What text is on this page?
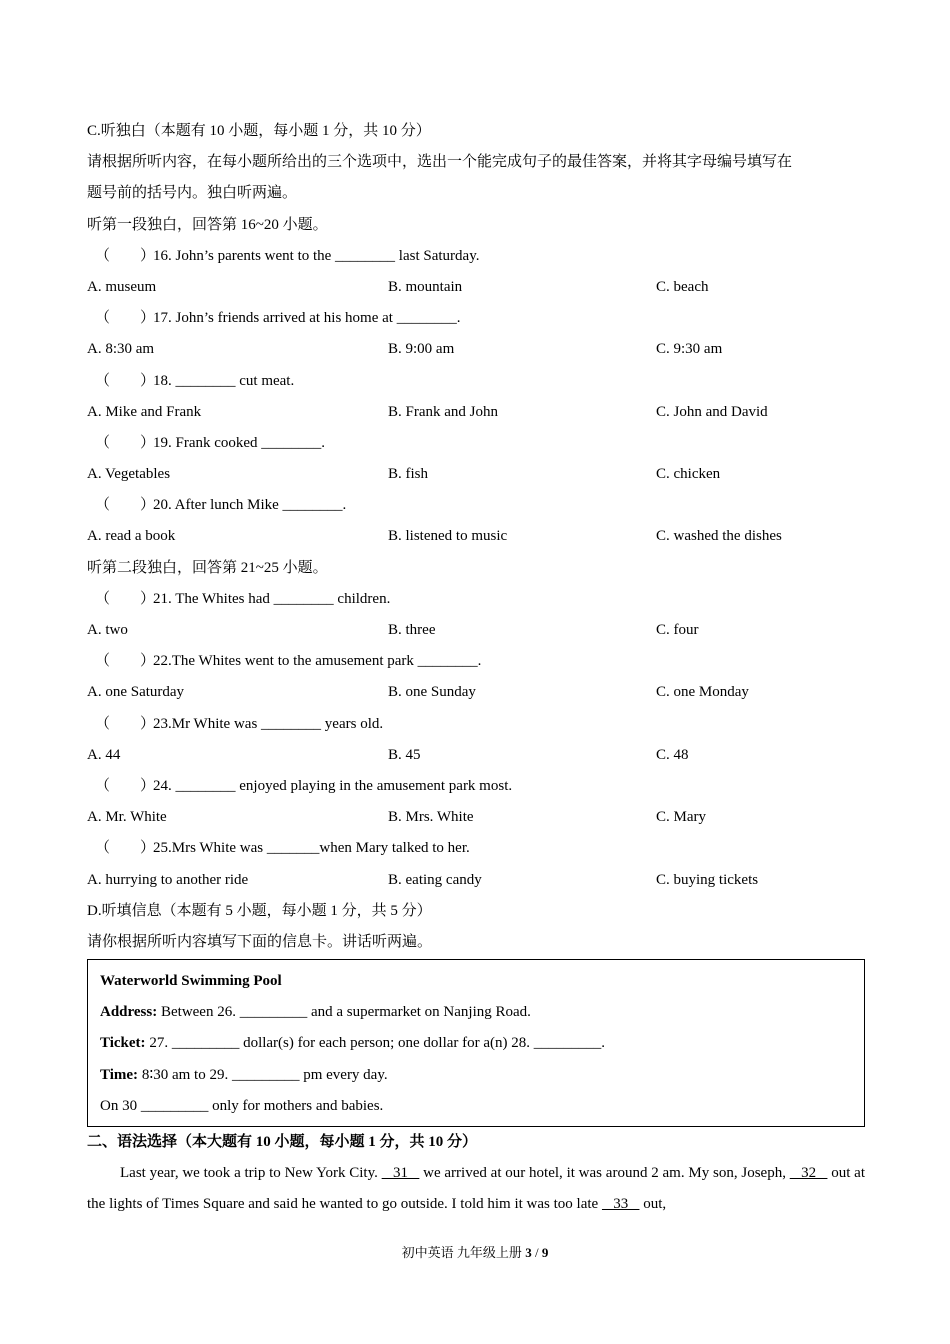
C.听独白（本题有 10 小题，每小题 1 分，共 10 分）
请根据所听内容，在每小题所给出的三个选项中，选出一个能完成句子的最佳答案，并将其字母编号填写在
题号前的括号内。独白听两遍。
听第一段独白，回答第 16~20 小题。
（　　）16. John’s parents went to the ________ last Saturday.
A. museum	B. mountain	C. beach
（　　）17. John’s friends arrived at his home at ________.
A. 8:30 am	B. 9:00 am	C. 9:30 am
（　　）18. ________ cut meat.
A. Mike and Frank	B. Frank and John	C. John and David
（　　）19. Frank cooked ________.
A. Vegetables	B. fish	C. chicken
（　　）20. After lunch Mike ________.
A. read a book	B. listened to music	C. washed the dishes
听第二段独白，回答第 21~25 小题。
（　　）21. The Whites had ________ children.
A. two	B. three	C. four
（　　）22.The Whites went to the amusement park ________.
A. one Saturday	B. one Sunday	C. one Monday
（　　）23.Mr White was ________ years old.
A. 44	B. 45	C. 48
（　　）24. ________ enjoyed playing in the amusement park most.
A. Mr. White	B. Mrs. White	C. Mary
（　　）25.Mrs White was _______when Mary talked to her.
A. hurrying to another ride	B. eating candy	C. buying tickets
D.听填信息（本题有 5 小题，每小题 1 分，共 5 分）
请你根据所听内容填写下面的信息卡。讲话听两遍。
Waterworld Swimming Pool
Address: Between 26. _________ and a supermarket on Nanjing Road.
Ticket: 27. _________ dollar(s) for each person; one dollar for a(n) 28. _________.
Time: 8∶30 am to 29. _________ pm every day.
On 30 _________ only for mothers and babies.
二、语法选择（本大题有 10 小题，每小题 1 分，共 10 分）
Last year, we took a trip to New York City.    31    we arrived at our hotel, it was around 2 am. My son, Joseph,    32    out at the lights of Times Square and said he wanted to go outside. I told him it was too late    33    out,
初中英语 九年级上册 3 / 9
